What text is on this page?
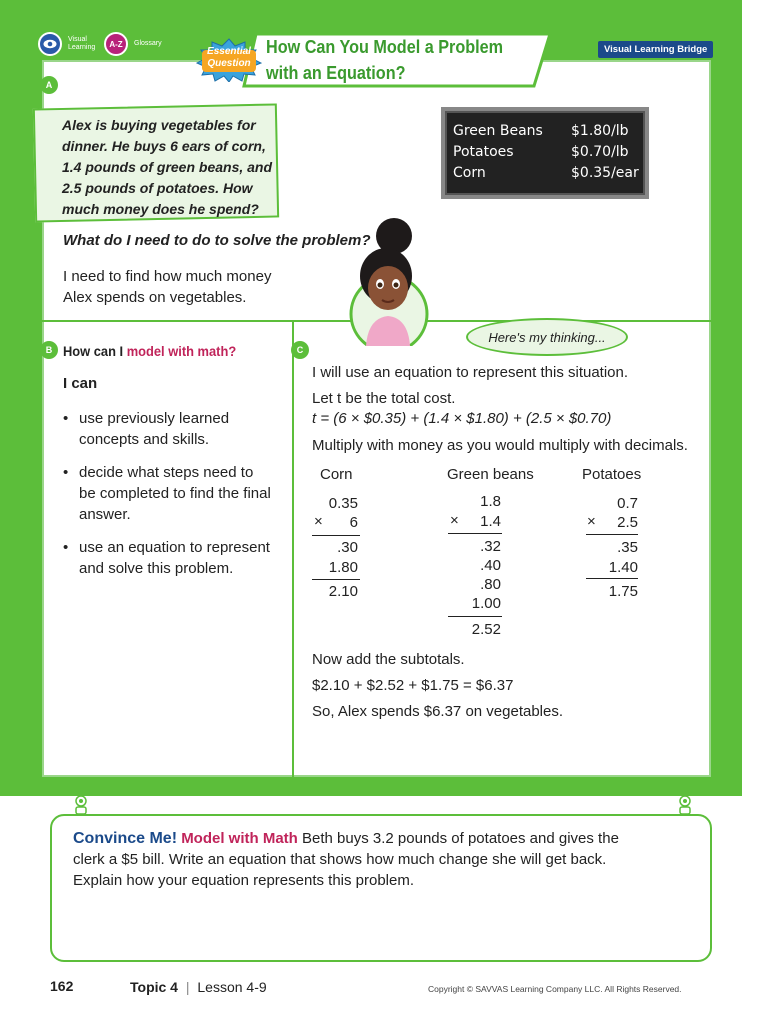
Visual Learning	A-Z	Glossary	How Can You Model a Problem
with an Equation?
Essential Question
Visual Learning Bridge
A
Alex is buying vegetables for dinner. He buys 6 ears of corn, 1.4 pounds of green beans, and 2.5 pounds of potatoes. How much money does he spend?
Green Beans $1.80/lb
Potatoes	$0.70/lb
Corn	$0.35/ear
What do I need to do to solve the problem?
I need to find how much money Alex spends on vegetables.
Here's my thinking...
B How can I model with math?
I can
• use previously learned concepts and skills.
• decide what steps need to be completed to find the final answer.
• use an equation to represent and solve this problem.
C
I will use an equation to represent this situation.
Let t be the total cost.
t = (6 × $0.35) + (1.4 × $1.80) + (2.5 × $0.70)
Multiply with money as you would multiply with decimals.
Corn
0.35
×	6
.30
1.80
2.10
Green beans
1.8
×	1.4
.32
.40
.80
1.00
2.52
Potatoes
0.7
×	2.5
.35
1.40
1.75
Now add the subtotals.
$2.10 + $2.52 + $1.75 = $6.37
So, Alex spends $6.37 on vegetables.
Convince Me! Model with Math Beth buys 3.2 pounds of potatoes and gives the clerk a $5 bill. Write an equation that shows how much change she will get back. Explain how your equation represents this problem.
162	Topic 4 | Lesson 4-9	Copyright © SAVVAS Learning Company LLC. All Rights Reserved.
